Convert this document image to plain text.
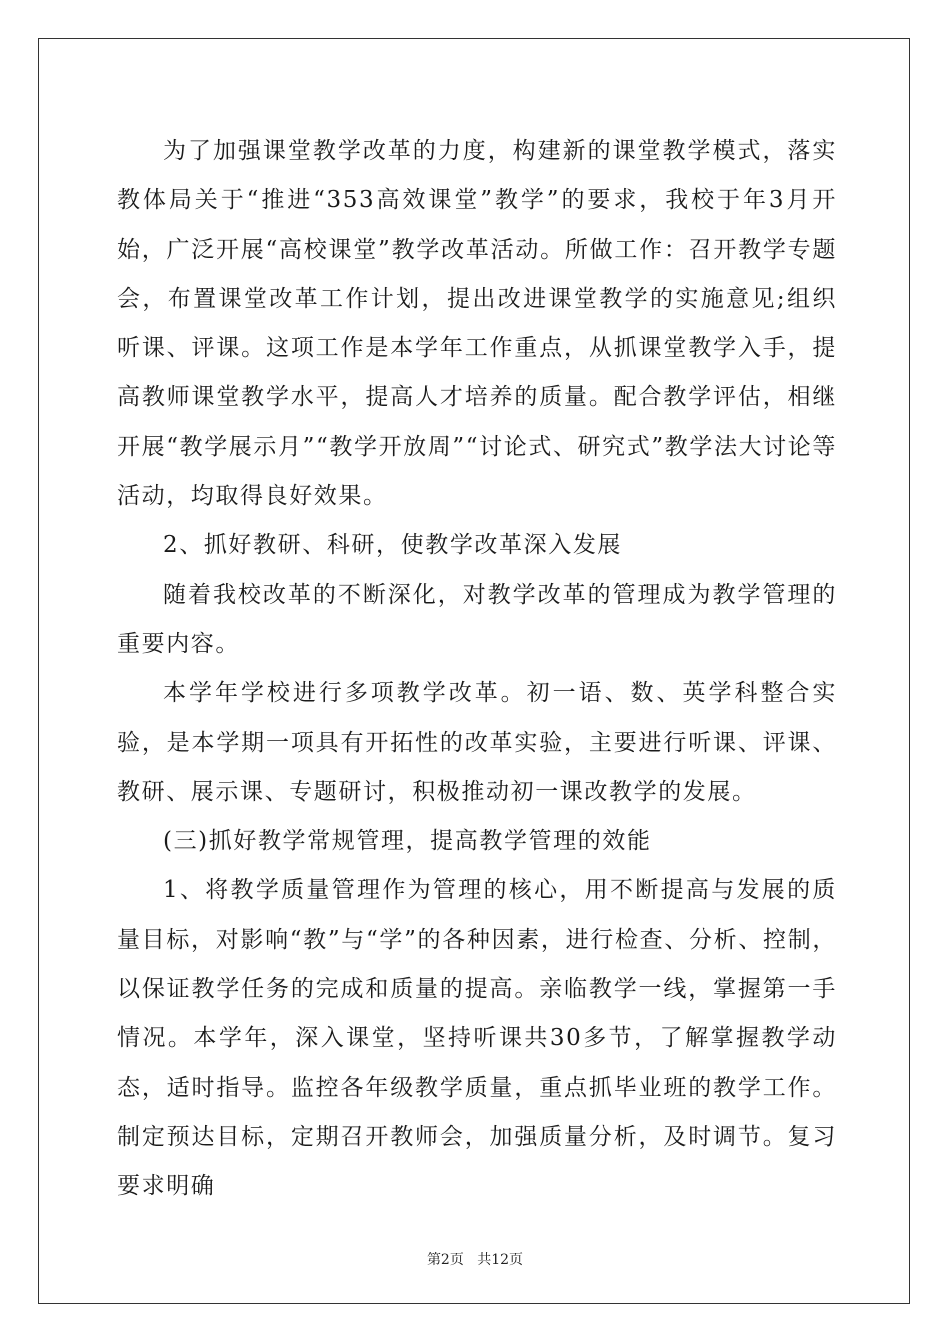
为了加强课堂教学改革的力度，构建新的课堂教学模式，落实教体局关于“推进“353高效课堂”教学”的要求，我校于年3月开始，广泛开展“高校课堂”教学改革活动。所做工作：召开教学专题会，布置课堂改革工作计划，提出改进课堂教学的实施意见;组织听课、评课。这项工作是本学年工作重点，从抓课堂教学入手，提高教师课堂教学水平，提高人才培养的质量。配合教学评估，相继开展“教学展示月”“教学开放周”“讨论式、研究式”教学法大讨论等活动，均取得良好效果。

2、抓好教研、科研，使教学改革深入发展

随着我校改革的不断深化，对教学改革的管理成为教学管理的重要内容。

本学年学校进行多项教学改革。初一语、数、英学科整合实验，是本学期一项具有开拓性的改革实验，主要进行听课、评课、教研、展示课、专题研讨，积极推动初一课改教学的发展。

(三)抓好教学常规管理，提高教学管理的效能

1、将教学质量管理作为管理的核心，用不断提高与发展的质量目标，对影响“教”与“学”的各种因素，进行检查、分析、控制，以保证教学任务的完成和质量的提高。亲临教学一线，掌握第一手情况。本学年，深入课堂，坚持听课共30多节，了解掌握教学动态，适时指导。监控各年级教学质量，重点抓毕业班的教学工作。制定预达目标，定期召开教师会，加强质量分析，及时调节。复习要求明确

第2页 共12页
